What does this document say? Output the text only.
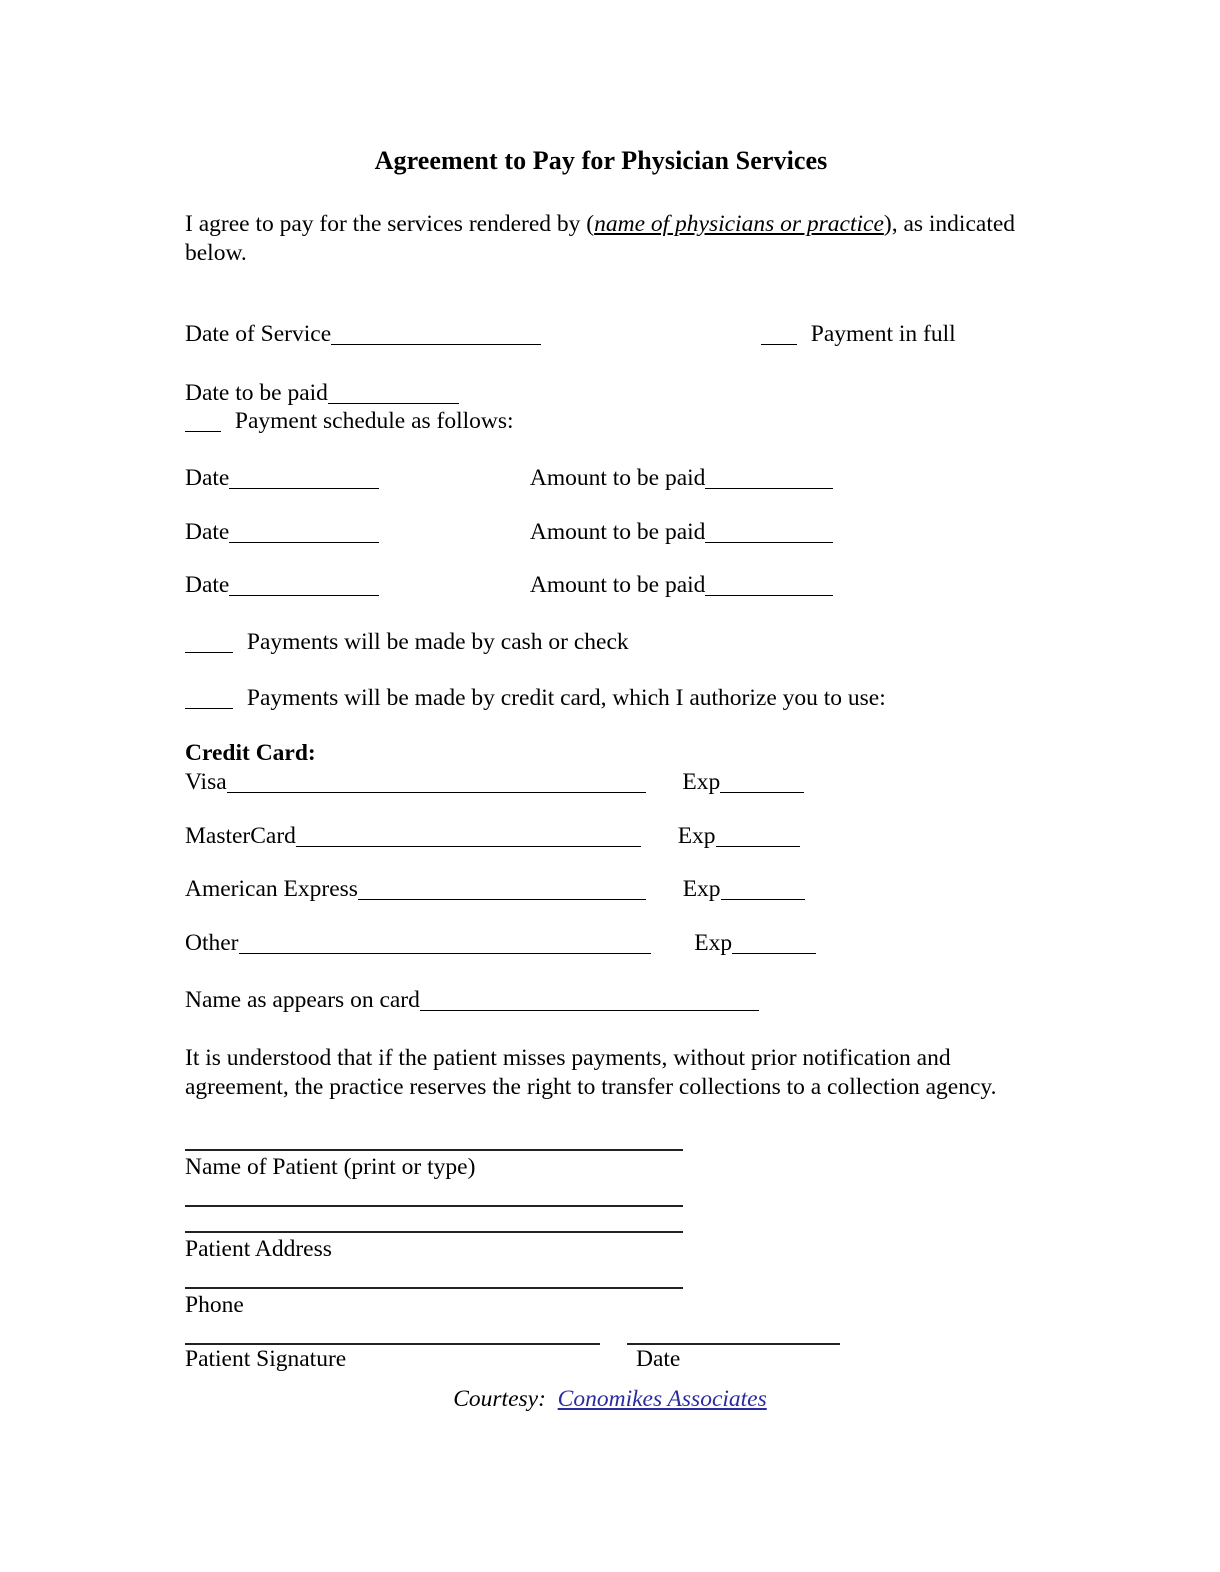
Agreement to Pay for Physician Services

I agree to pay for the services rendered by (name of physicians or practice), as indicated below.

Date of Service	Payment in full
Date to be paid
Payment schedule as follows:
Date	Amount to be paid
Date	Amount to be paid
Date	Amount to be paid
Payments will be made by cash or check
Payments will be made by credit card, which I authorize you to use:
Credit Card:
Visa	Exp
MasterCard	Exp
American Express	Exp
Other	Exp
Name as appears on card

It is understood that if the patient misses payments, without prior notification and agreement, the practice reserves the right to transfer collections to a collection agency.

Name of Patient (print or type)
Patient Address
Phone
Patient Signature	Date
Courtesy: Conomikes Associates
